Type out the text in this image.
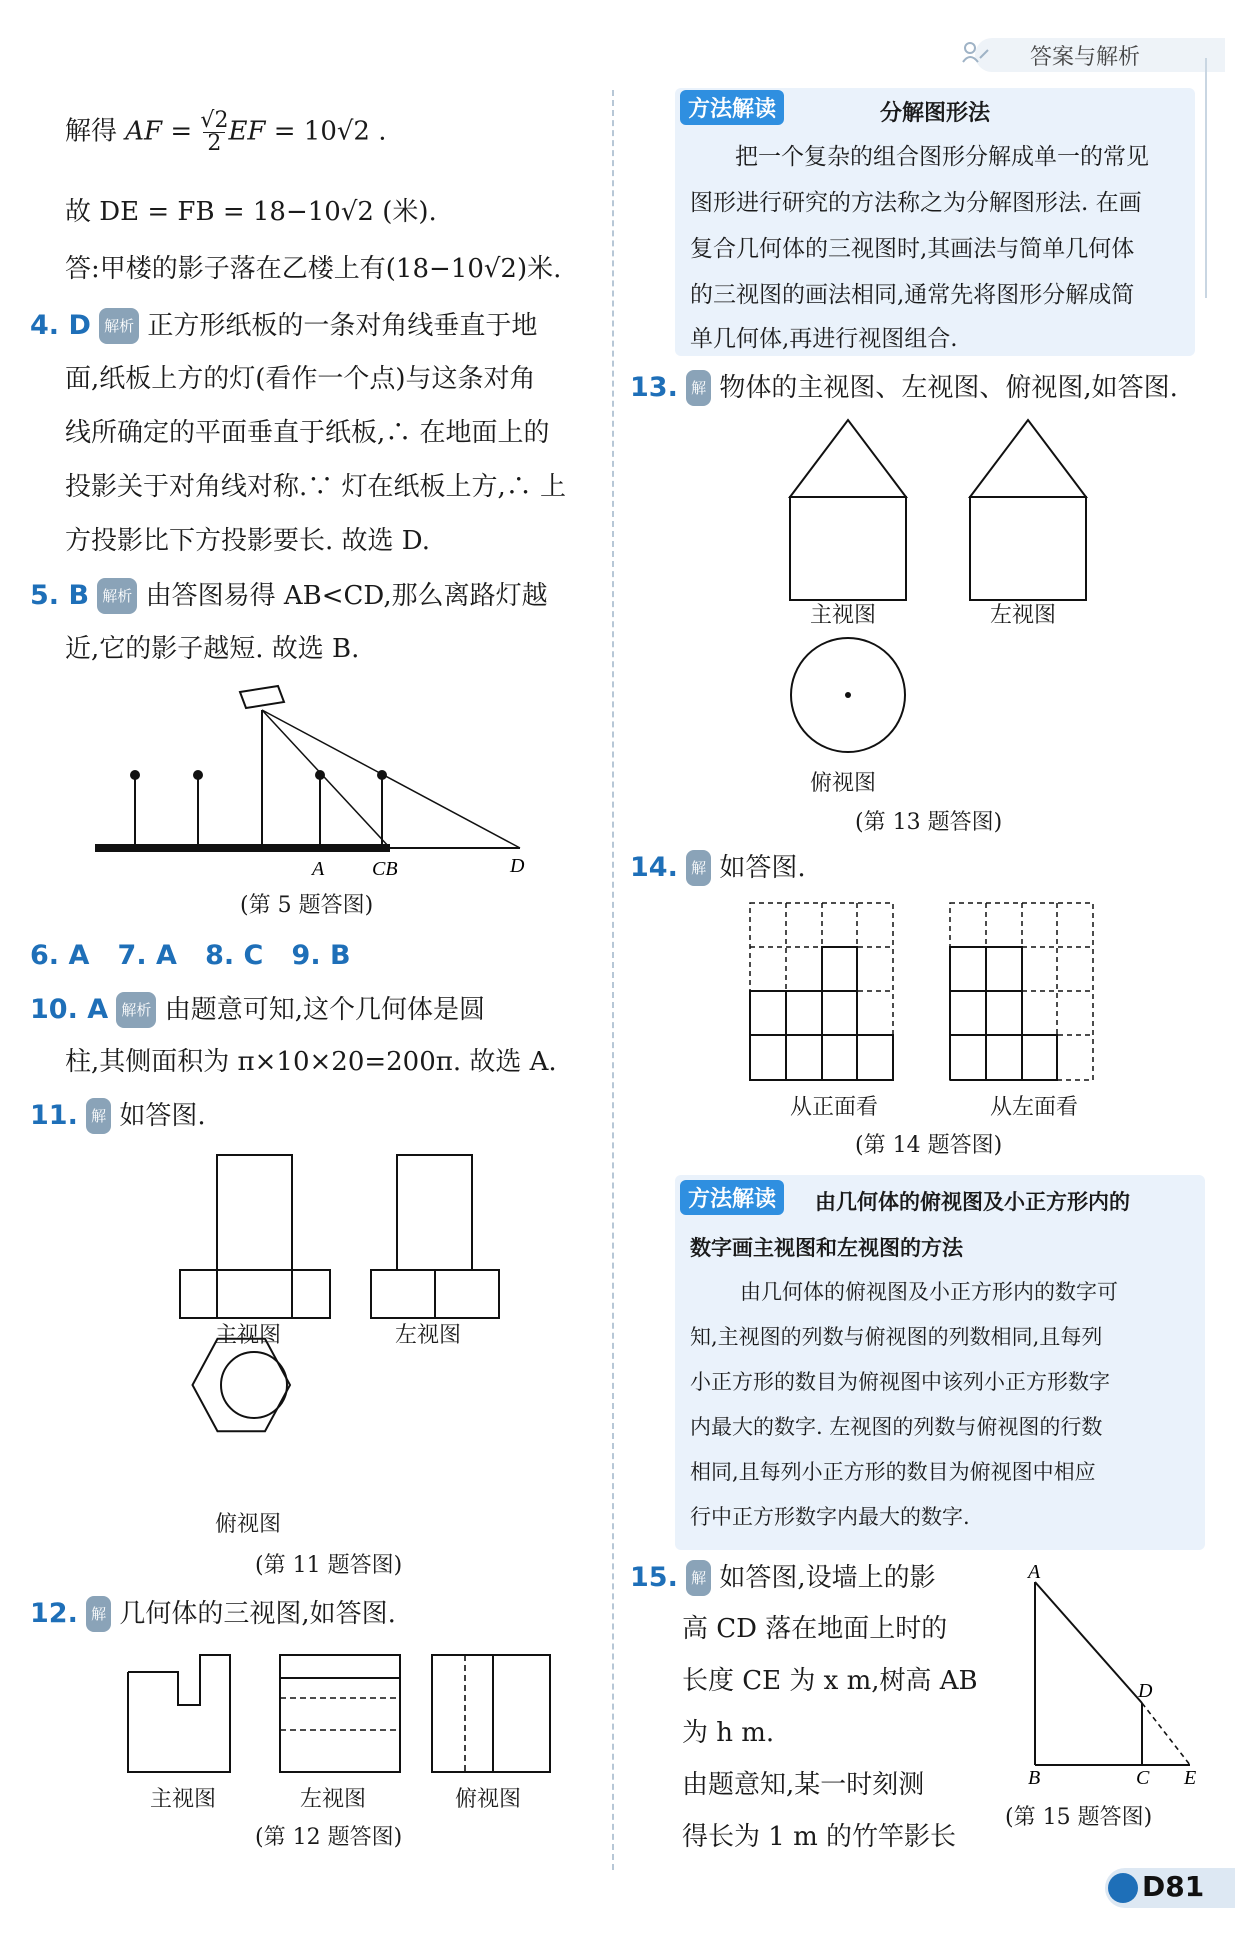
答案与解析
解得 AF = $\frac{√2}{2}EF = 10√2$ .
故 DE = FB = 18−10√2 (米).
答:甲楼的影子落在乙楼上有(18−10√2)米.
4. D 解析 正方形纸板的一条对角线垂直于地
面,纸板上方的灯(看作一个点)与这条对角
线所确定的平面垂直于纸板,∴ 在地面上的
投影关于对角线对称.∵ 灯在纸板上方,∴ 上
方投影比下方投影要长. 故选 D.
5. B 解析 由答图易得 AB<CD,那么离路灯越
近,它的影子越短. 故选 B.
A CB	D
(第 5 题答图)
6. A   7. A   8. C   9. B
10. A 解析 由题意可知,这个几何体是圆
柱,其侧面积为 π×10×20=200π. 故选 A.
11. 解 如答图.
主视图	左视图
俯视图
(第 11 题答图)
12. 解 几何体的三视图,如答图.
主视图	左视图	俯视图
(第 12 题答图)
方法解读	分解图形法
把一个复杂的组合图形分解成单一的常见
图形进行研究的方法称之为分解图形法. 在画
复合几何体的三视图时,其画法与简单几何体
的三视图的画法相同,通常先将图形分解成简
单几何体,再进行视图组合.
13. 解 物体的主视图、左视图、俯视图,如答图.
主视图	左视图
俯视图
(第 13 题答图)
14. 解 如答图.
从正面看	从左面看
(第 14 题答图)
方法解读	由几何体的俯视图及小正方形内的
数字画主视图和左视图的方法
由几何体的俯视图及小正方形内的数字可
知,主视图的列数与俯视图的列数相同,且每列
小正方形的数目为俯视图中该列小正方形数字
内最大的数字. 左视图的列数与俯视图的行数
相同,且每列小正方形的数目为俯视图中相应
行中正方形数字内最大的数字.
15. 解 如答图,设墙上的影
高 CD 落在地面上时的
长度 CE 为 x m,树高 AB
为 h m.
由题意知,某一时刻测
得长为 1 m 的竹竿影长
A
D
B	C E
(第 15 题答图)
D81
